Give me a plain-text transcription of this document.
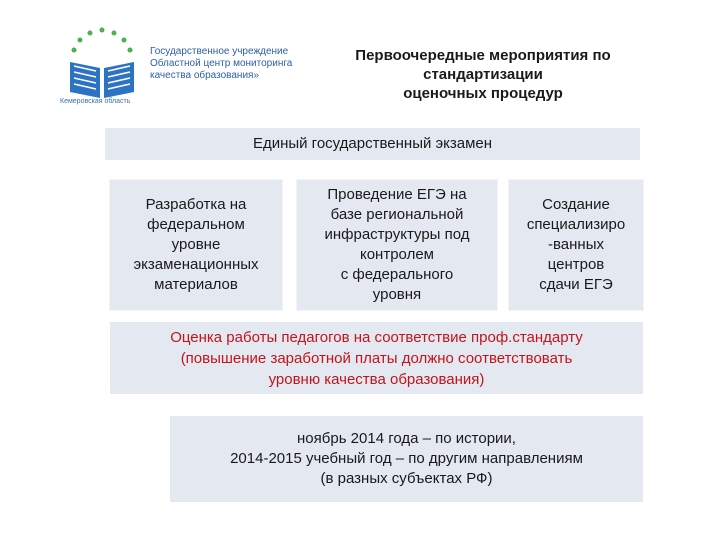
Кемеровская область
Государственное учреждение
Областной центр мониторинга
качества образования»
Первоочередные мероприятия по
стандартизации
оценочных процедур
Единый государственный экзамен
Разработка на
федеральном
уровне
экзаменационных
материалов
Проведение ЕГЭ на
базе региональной
инфраструктуры под
контролем
с федерального
уровня
Создание
специализиро
-ванных
центров
сдачи ЕГЭ
Оценка работы педагогов на соответствие проф.стандарту
(повышение заработной платы должно соответствовать
уровню качества образования)
ноябрь 2014 года – по истории,
2014-2015 учебный год – по другим направлениям
(в разных субъектах РФ)
